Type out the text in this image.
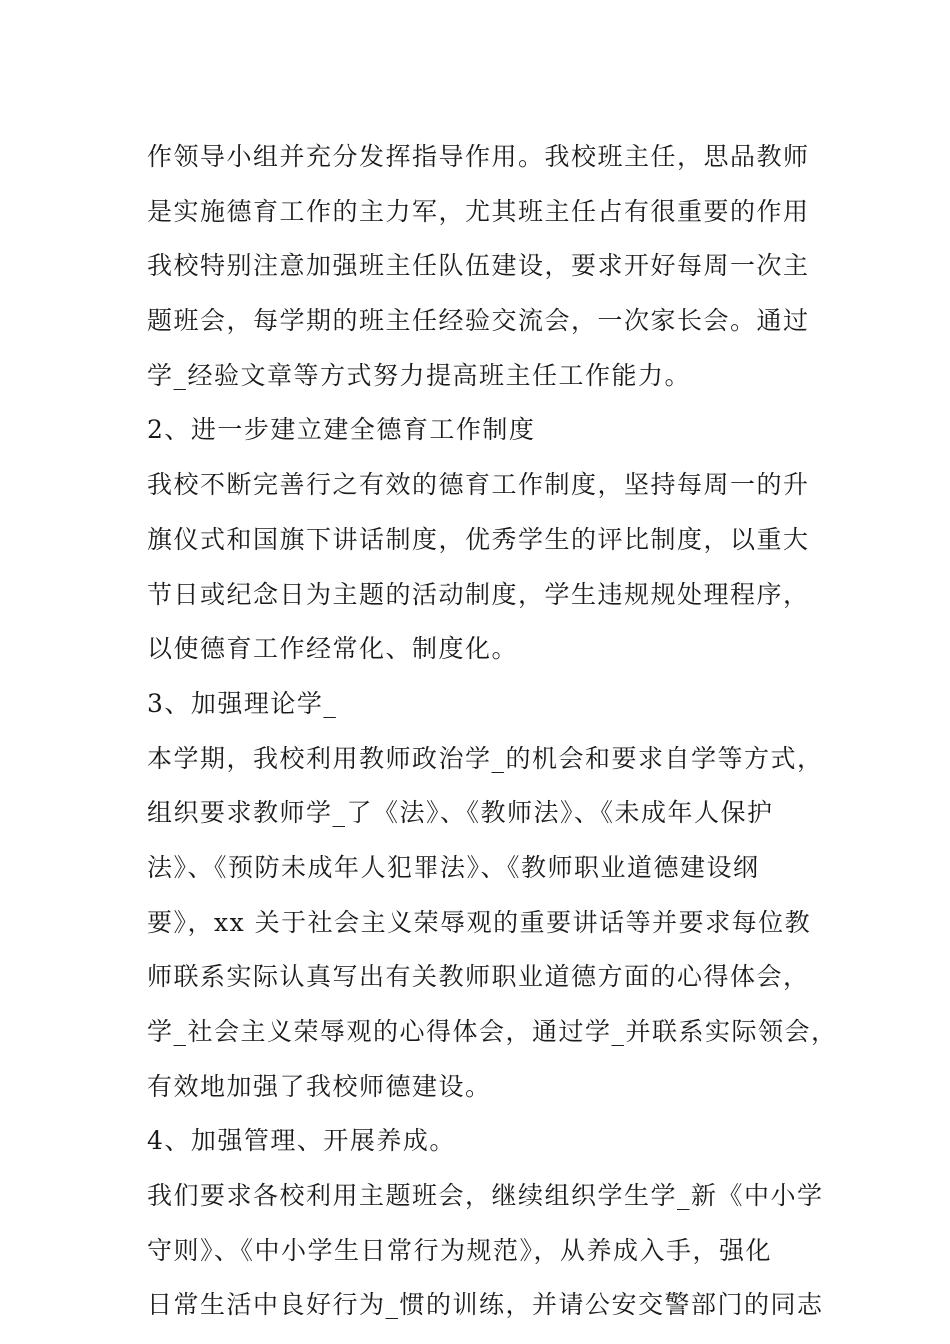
作领导小组并充分发挥指导作用。我校班主任，思品教师
是实施德育工作的主力军，尤其班主任占有很重要的作用
我校特别注意加强班主任队伍建设，要求开好每周一次主
题班会，每学期的班主任经验交流会，一次家长会。通过
学_经验文章等方式努力提高班主任工作能力。
2、进一步建立建全德育工作制度
我校不断完善行之有效的德育工作制度，坚持每周一的升
旗仪式和国旗下讲话制度，优秀学生的评比制度，以重大
节日或纪念日为主题的活动制度，学生违规规处理程序，
以使德育工作经常化、制度化。
3、加强理论学_
本学期，我校利用教师政治学_的机会和要求自学等方式，
组织要求教师学_了《法》、《教师法》、《未成年人保护
法》、《预防未成年人犯罪法》、《教师职业道德建设纲
要》，xx 关于社会主义荣辱观的重要讲话等并要求每位教
师联系实际认真写出有关教师职业道德方面的心得体会，
学_社会主义荣辱观的心得体会，通过学_并联系实际领会，
有效地加强了我校师德建设。
4、加强管理、开展养成。
我们要求各校利用主题班会，继续组织学生学_新《中小学
守则》、《中小学生日常行为规范》，从养成入手，强化
日常生活中良好行为_惯的训练，并请公安交警部门的同志
